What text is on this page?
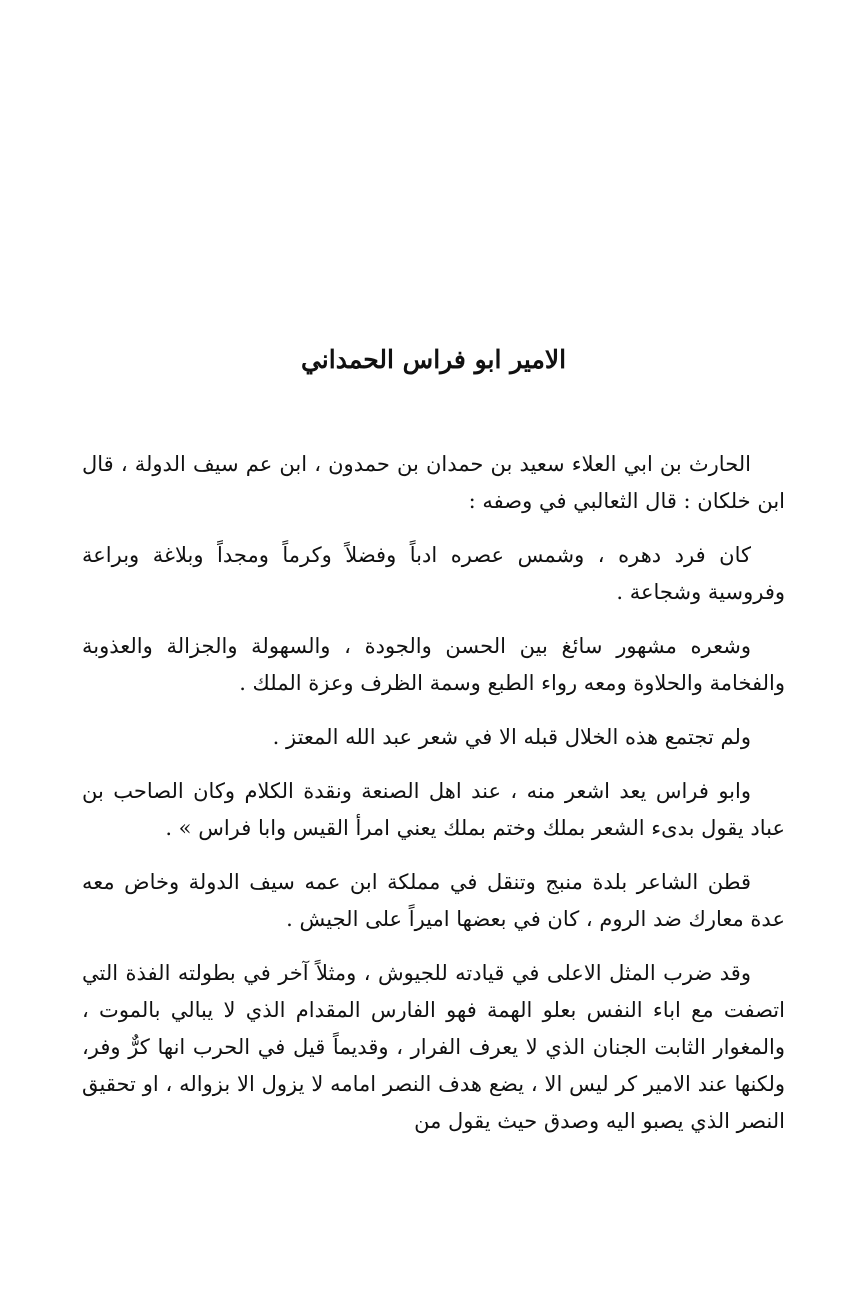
الامير ابو فراس الحمداني

الحارث بن ابي العلاء سعيد بن حمدان بن حمدون ، ابن عم سيف الدولة ، قال ابن خلكان : قال الثعالبي في وصفه :

كان فرد دهره ، وشمس عصره ادباً وفضلاً وكرماً ومجداً وبلاغة وبراعة وفروسية وشجاعة .

وشعره مشهور سائغ بين الحسن والجودة ، والسهولة والجزالة والعذوبة والفخامة والحلاوة ومعه رواء الطبع وسمة الظرف وعزة الملك .

ولم تجتمع هذه الخلال قبله الا في شعر عبد الله المعتز .

وابو فراس يعد اشعر منه ، عند اهل الصنعة ونقدة الكلام وكان الصاحب بن عباد يقول بدىء الشعر بملك وختم بملك يعني امرأ القيس وابا فراس » .

قطن الشاعر بلدة منبج وتنقل في مملكة ابن عمه سيف الدولة وخاض معه عدة معارك ضد الروم ، كان في بعضها اميراً على الجيش .

وقد ضرب المثل الاعلى في قيادته للجيوش ، ومثلاً آخر في بطولته الفذة التي اتصفت مع اباء النفس بعلو الهمة فهو الفارس المقدام الذي لا يبالي بالموت ، والمغوار الثابت الجنان الذي لا يعرف الفرار ، وقديماً قيل في الحرب انها كرٌّ وفر، ولكنها عند الامير كر ليس الا ، يضع هدف النصر امامه لا يزول الا بزواله ، او تحقيق النصر الذي يصبو اليه وصدق حيث يقول من
